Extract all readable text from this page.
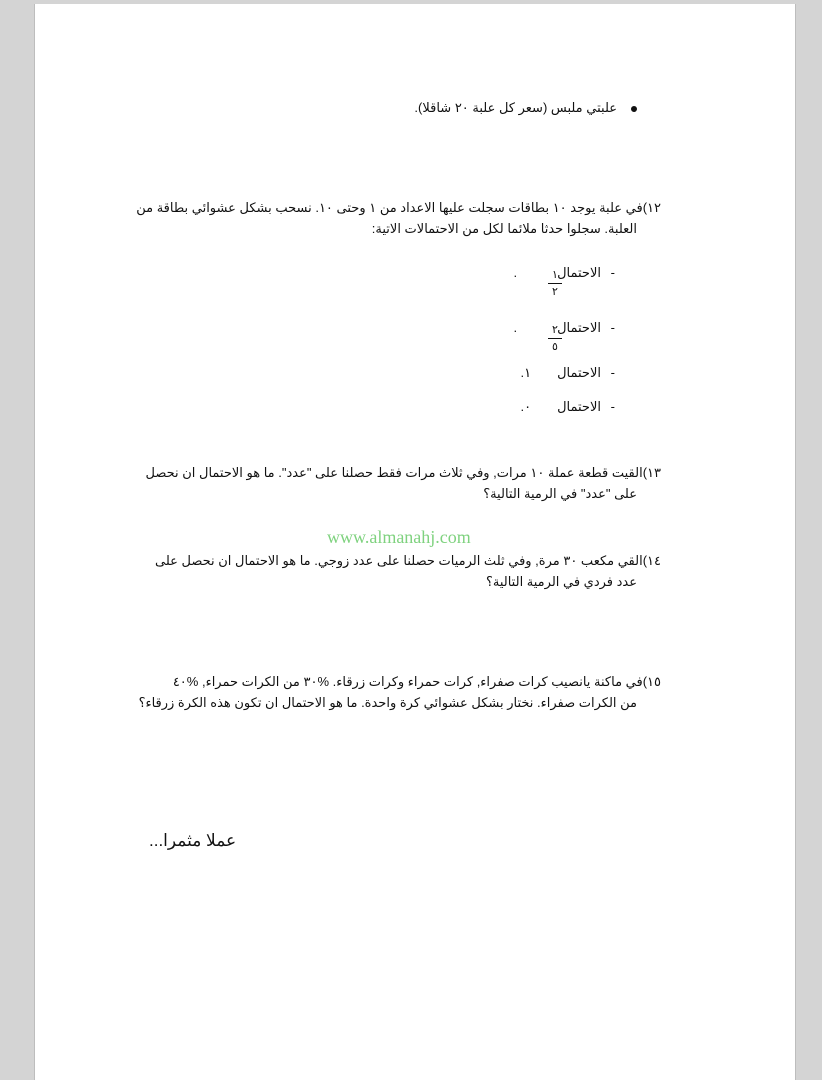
علبتي ملبس (سعر كل علبة ٢٠ شاقلا).
١٢)في علبة يوجد ١٠ بطاقات سجلت عليها الاعداد من ١ وحتى ١٠. نسحب بشكل عشوائي بطاقة من
العلبة. سجلوا حدثا ملائما لكل من الاحتمالات الاتية:
-الاحتمال.	١
٢
-الاحتمال.	٢
٥
-الاحتمال١.
-الاحتمال٠.
١٣)القيت قطعة عملة ١٠ مرات, وفي ثلاث مرات فقط حصلنا على "عدد". ما هو الاحتمال ان نحصل
على "عدد" في الرمية التالية؟
www.almanahj.com
١٤)القي مكعب ٣٠ مرة, وفي ثلث الرميات حصلنا على عدد زوجي. ما هو الاحتمال ان نحصل على
عدد فردي في الرمية التالية؟
١٥)في ماكنة يانصيب كرات صفراء, كرات حمراء وكرات زرقاء. %٣٠ من الكرات حمراء, %٤٠
من الكرات صفراء. نختار بشكل عشوائي كرة واحدة. ما هو الاحتمال ان تكون هذه الكرة زرقاء؟
عملا مثمرا...
